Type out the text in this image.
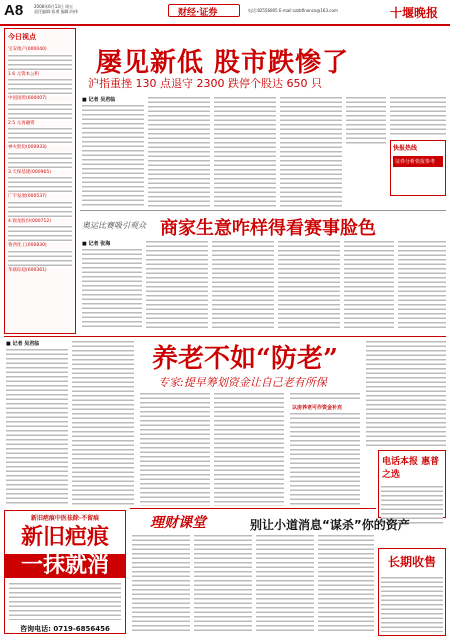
A8	2008年6月13日 周五
责任编辑:侯勇 编辑:何伟	财经·证券	电话:82556805 E-mail:szzbfinance@163.com	十堰晚报
今日视点

宝安地产(000040)

1.6 元资本公积

中国国贸(600007)

2.5 元再融资

神火股份(000933)

3.天保基建(000965)

广宇发展(000537)

4.锦龙股份(000712)

鲁西化工(000830)

华联综超(600361)

屡见新低 股市跌惨了
沪指重挫 130 点退守 2300 跌停个股达 650 只
■ 记者 吴君临
快报热线
证券分析快报参考
奥运比赛吸引观众 商家生意咋样得看赛事脸色
■ 记者 张海
■ 记者 吴君临	养老不如“防老”
专家:提早筹划资金让自己老有所保
以房养老可作资金补充
电话本报 惠普之选
新旧疤痕中医祛除·不留痕
新旧疤痕
一抹就消
咨询电话: 0719-6856456
理财课堂	别让小道消息“谋杀”你的资产
长期收售
